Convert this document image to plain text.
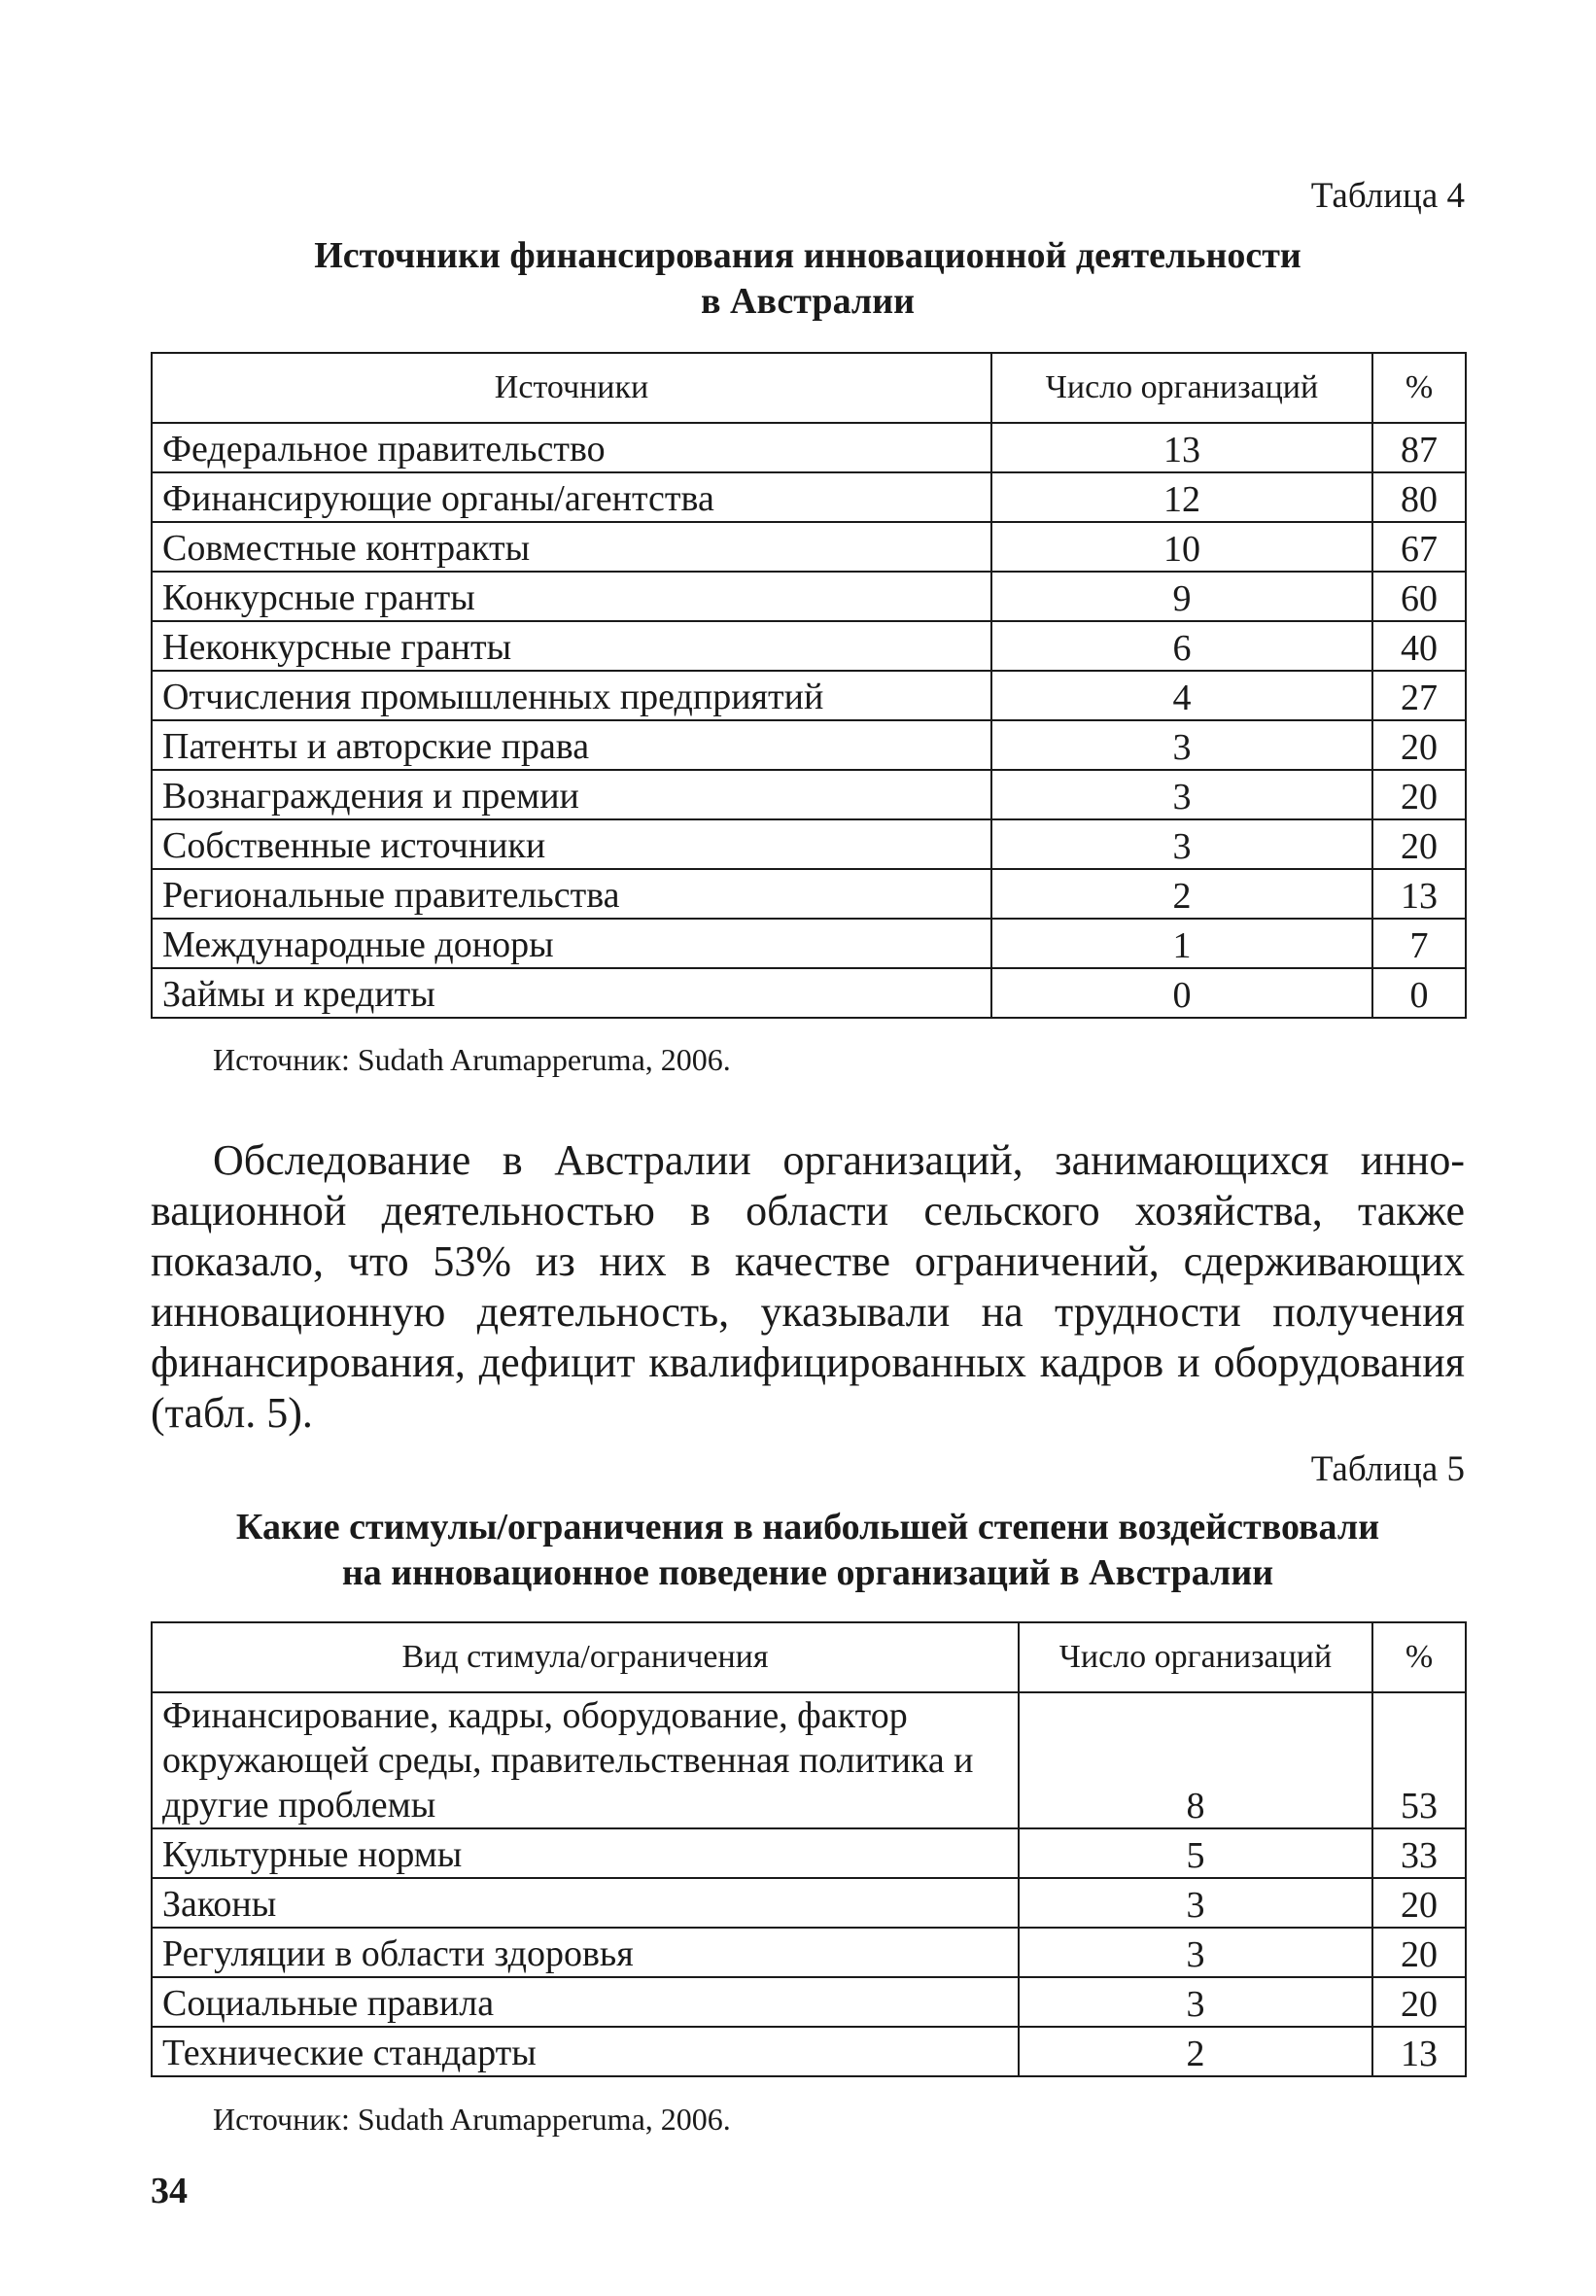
Таблица 4
Источники финансирования инновационной деятельности
в Австралии
Источники	Число организаций	%
Федеральное правительство	13	87
Финансирующие органы/агентства	12	80
Совместные контракты	10	67
Конкурсные гранты	9	60
Неконкурсные гранты	6	40
Отчисления промышленных предприятий	4	27
Патенты и авторские права	3	20
Вознаграждения и премии	3	20
Собственные источники	3	20
Региональные правительства	2	13
Международные доноры	1	7
Займы и кредиты	0	0
Источник: Sudath Arumapperuma, 2006.
Обследование в Австралии организаций, занимающихся инновационной деятельностью в области сельского хозяйства, также показало, что 53% из них в качестве ограничений, сдерживающих инновационную деятельность, указывали на трудности получения финансирования, дефицит квалифицированных кадров и оборудования (табл. 5).
Таблица 5
Какие стимулы/ограничения в наибольшей степени воздействовали
на инновационное поведение организаций в Австралии
Вид стимула/ограничения	Число организаций	%
Финансирование, кадры, оборудование, фактор окружающей среды, правительственная политика и другие проблемы	8	53
Культурные нормы	5	33
Законы	3	20
Регуляции в области здоровья	3	20
Социальные правила	3	20
Технические стандарты	2	13
Источник: Sudath Arumapperuma, 2006.
34
